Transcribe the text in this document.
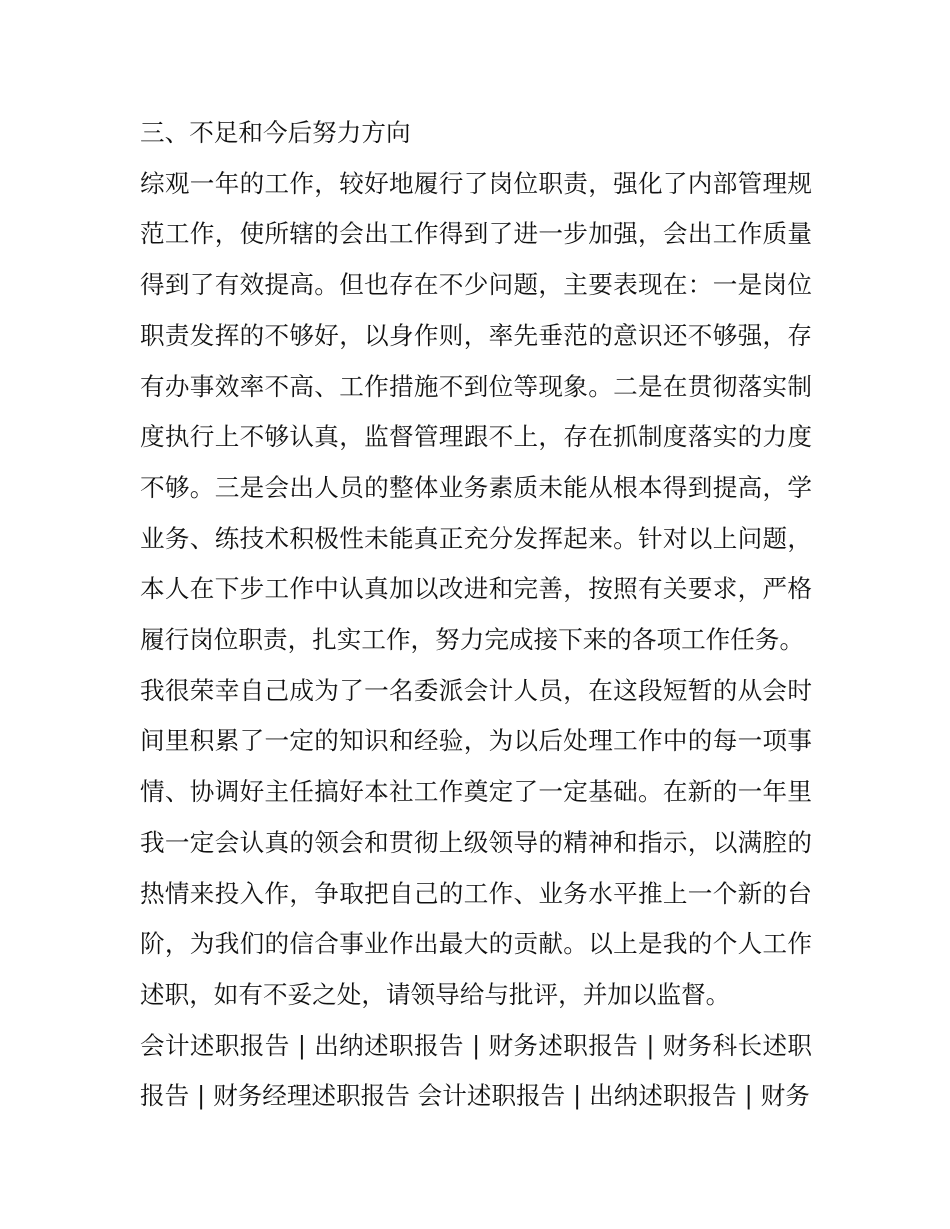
三、不足和今后努力方向

综观一年的工作，较好地履行了岗位职责，强化了内部管理规范工作，使所辖的会出工作得到了进一步加强，会出工作质量得到了有效提高。但也存在不少问题，主要表现在：一是岗位职责发挥的不够好，以身作则，率先垂范的意识还不够强，存有办事效率不高、工作措施不到位等现象。二是在贯彻落实制度执行上不够认真，监督管理跟不上，存在抓制度落实的力度不够。三是会出人员的整体业务素质未能从根本得到提高，学业务、练技术积极性未能真正充分发挥起来。针对以上问题，本人在下步工作中认真加以改进和完善，按照有关要求，严格履行岗位职责，扎实工作，努力完成接下来的各项工作任务。

我很荣幸自己成为了一名委派会计人员，在这段短暂的从会时间里积累了一定的知识和经验，为以后处理工作中的每一项事情、协调好主任搞好本社工作奠定了一定基础。在新的一年里我一定会认真的领会和贯彻上级领导的精神和指示，以满腔的热情来投入作，争取把自己的工作、业务水平推上一个新的台阶，为我们的信合事业作出最大的贡献。以上是我的个人工作述职，如有不妥之处，请领导给与批评，并加以监督。

会计述职报告 | 出纳述职报告 | 财务述职报告 | 财务科长述职报告 | 财务经理述职报告 会计述职报告 | 出纳述职报告 | 财务
